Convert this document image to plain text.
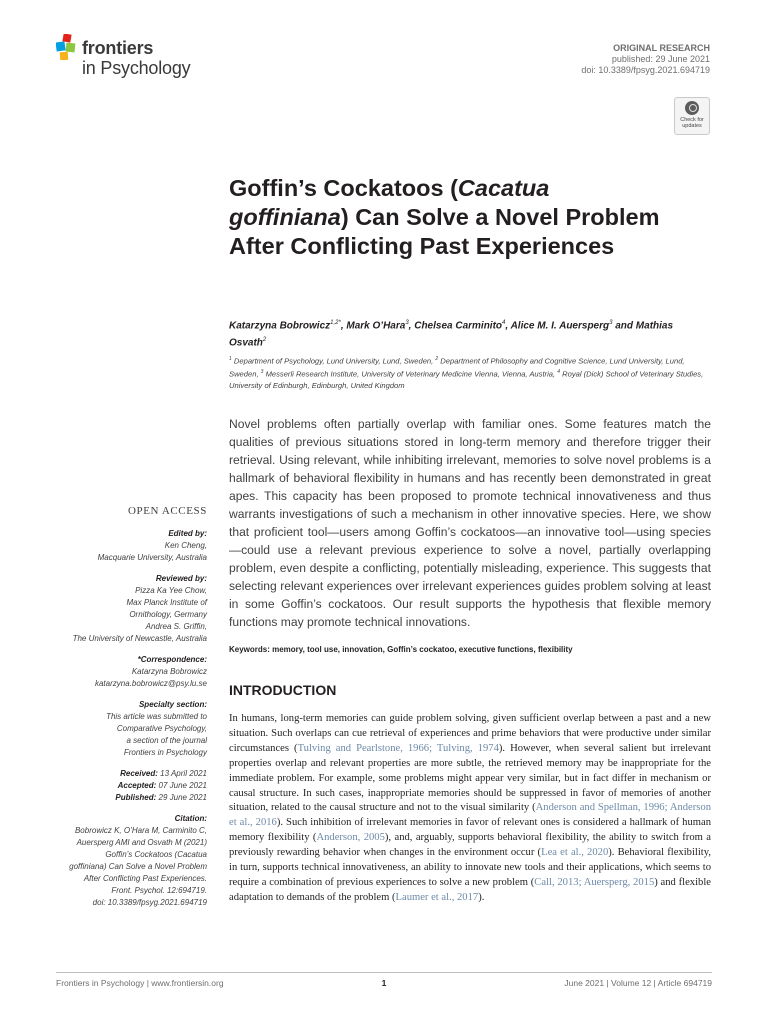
frontiers
in Psychology
ORIGINAL RESEARCH
published: 29 June 2021
doi: 10.3389/fpsyg.2021.694719
Check for
updates
Goffin’s Cockatoos (Cacatua goffiniana) Can Solve a Novel Problem After Conflicting Past Experiences
Katarzyna Bobrowicz$^{1,2*}$, Mark O’Hara$^3$, Chelsea Carminito$^4$, Alice M. I. Auersperg$^3$ and Mathias Osvath$^2$
$^1$ Department of Psychology, Lund University, Lund, Sweden, $^2$ Department of Philosophy and Cognitive Science, Lund University, Lund, Sweden, $^3$ Messerli Research Institute, University of Veterinary Medicine Vienna, Vienna, Austria, $^4$ Royal (Dick) School of Veterinary Studies, University of Edinburgh, Edinburgh, United Kingdom
Novel problems often partially overlap with familiar ones. Some features match the qualities of previous situations stored in long-term memory and therefore trigger their retrieval. Using relevant, while inhibiting irrelevant, memories to solve novel problems is a hallmark of behavioral flexibility in humans and has recently been demonstrated in great apes. This capacity has been proposed to promote technical innovativeness and thus warrants investigations of such a mechanism in other innovative species. Here, we show that proficient tool—users among Goffin’s cockatoos—an innovative tool—using species—could use a relevant previous experience to solve a novel, partially overlapping problem, even despite a conflicting, potentially misleading, experience. This suggests that selecting relevant experiences over irrelevant experiences guides problem solving at least in some Goffin’s cockatoos. Our result supports the hypothesis that flexible memory functions may promote technical innovations.
Keywords: memory, tool use, innovation, Goffin’s cockatoo, executive functions, flexibility
INTRODUCTION
In humans, long-term memories can guide problem solving, given sufficient overlap between a past and a new situation. Such overlaps can cue retrieval of experiences and prime behaviors that were productive under similar circumstances (Tulving and Pearlstone, 1966; Tulving, 1974). However, when several salient but irrelevant properties overlap and relevant properties are more subtle, the retrieved memory may be inappropriate for the immediate problem. For example, some problems might appear very similar, but in fact differ in mechanism or causal structure. In such cases, inappropriate memories should be suppressed in favor of memories of another situation, related to the causal structure and not to the visual similarity (Anderson and Spellman, 1996; Anderson et al., 2016). Such inhibition of irrelevant memories in favor of relevant ones is considered a hallmark of human memory flexibility (Anderson, 2005), and, arguably, supports behavioral flexibility, the ability to switch from a previously rewarding behavior when changes in the environment occur (Lea et al., 2020). Behavioral flexibility, in turn, supports technical innovativeness, an ability to innovate new tools and their applications, which seems to require a combination of previous experiences to solve a new problem (Call, 2013; Auersperg, 2015) and flexible adaptation to demands of the problem (Laumer et al., 2017).
OPEN ACCESS
Edited by:
Ken Cheng,
Macquarie University, Australia
Reviewed by:
Pizza Ka Yee Chow,
Max Planck Institute of
Ornithology, Germany
Andrea S. Griffin,
The University of Newcastle, Australia
*Correspondence:
Katarzyna Bobrowicz
katarzyna.bobrowicz@psy.lu.se
Specialty section:
This article was submitted to
Comparative Psychology,
a section of the journal
Frontiers in Psychology
Received: 13 April 2021
Accepted: 07 June 2021
Published: 29 June 2021
Citation:
Bobrowicz K, O’Hara M, Carminito C,
Auersperg AMI and Osvath M (2021)
Goffin’s Cockatoos (Cacatua
goffiniana) Can Solve a Novel Problem
After Conflicting Past Experiences.
Front. Psychol. 12:694719.
doi: 10.3389/fpsyg.2021.694719
Frontiers in Psychology | www.frontiersin.org	1	June 2021 | Volume 12 | Article 694719
